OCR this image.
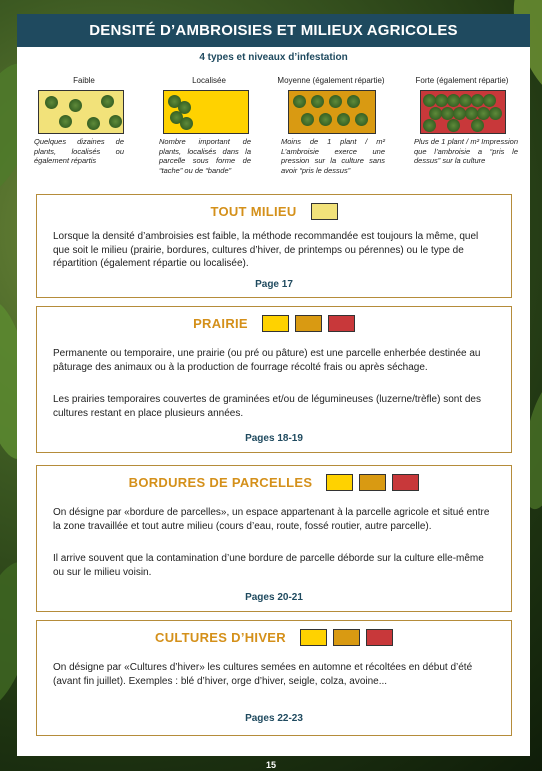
DENSITÉ D’AMBROISIES ET MILIEUX AGRICOLES
4 types et niveaux d’infestation
Faible
Quelques dizaines de plants, localisés ou également répartis
Localisée
Nombre important de plants, localisés dans la parcelle sous forme de “tache” ou de “bande”
Moyenne (également répartie)
Moins de 1 plant / m² L’ambroisie exerce une pression sur la culture sans avoir “pris le dessus”
Forte (également répartie)
Plus de 1 plant / m² Impression que l’ambroisie a “pris le dessus” sur la culture
TOUT MILIEU
Lorsque la densité d’ambroisies est faible, la méthode recommandée est toujours la même, quel que soit le milieu (prairie, bordures, cultures d’hiver, de printemps ou pérennes) ou le type de répartition (également répartie ou localisée).
Page 17
PRAIRIE
Permanente ou temporaire, une prairie (ou pré ou pâture) est une parcelle enherbée destinée au pâturage des animaux ou à la production de fourrage récolté frais ou après séchage.
Les prairies temporaires couvertes de graminées et/ou de légumineuses (luzerne/trèfle) sont des cultures restant en place plusieurs années.
Pages 18-19
BORDURES DE PARCELLES
On désigne par «bordure de parcelles», un espace appartenant à la parcelle agricole et situé entre la zone travaillée et tout autre milieu (cours d’eau, route, fossé routier, autre parcelle).
Il arrive souvent que la contamination d’une bordure de parcelle déborde sur la culture elle-même ou sur le milieu voisin.
Pages 20-21
CULTURES D’HIVER
On désigne par «Cultures d’hiver» les cultures semées en automne et récoltées en début d’été (avant fin juillet). Exemples : blé d’hiver, orge d’hiver, seigle, colza, avoine...
Pages 22-23
15
